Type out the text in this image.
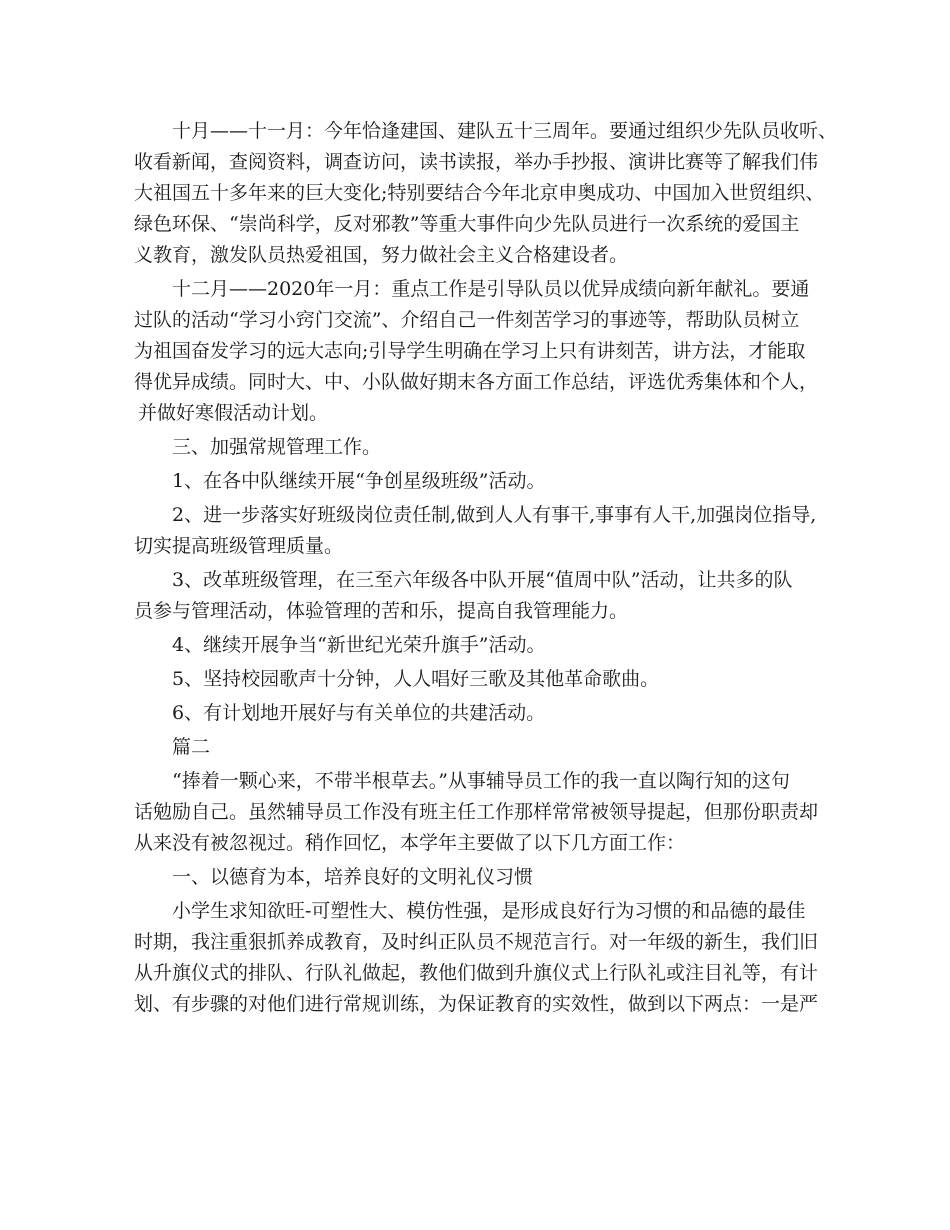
十月——十一月：今年恰逢建国、建队五十三周年。要通过组织少先队员收听、
收看新闻，查阅资料，调查访问，读书读报，举办手抄报、演讲比赛等了解我们伟
大祖国五十多年来的巨大变化;特别要结合今年北京申奥成功、中国加入世贸组织、
绿色环保、“崇尚科学，反对邪教”等重大事件向少先队员进行一次系统的爱国主
义教育，激发队员热爱祖国，努力做社会主义合格建设者。

十二月——2020年一月：重点工作是引导队员以优异成绩向新年献礼。要通
过队的活动“学习小窍门交流”、介绍自己一件刻苦学习的事迹等，帮助队员树立
为祖国奋发学习的远大志向;引导学生明确在学习上只有讲刻苦，讲方法，才能取
得优异成绩。同时大、中、小队做好期末各方面工作总结，评选优秀集体和个人，
并做好寒假活动计划。

三、加强常规管理工作。

1、在各中队继续开展“争创星级班级”活动。

2、进一步落实好班级岗位责任制,做到人人有事干,事事有人干,加强岗位指导,
切实提高班级管理质量。

3、改革班级管理，在三至六年级各中队开展“值周中队”活动，让共多的队
员参与管理活动，体验管理的苦和乐，提高自我管理能力。

4、继续开展争当“新世纪光荣升旗手”活动。

5、坚持校园歌声十分钟，人人唱好三歌及其他革命歌曲。

6、有计划地开展好与有关单位的共建活动。

篇二

“捧着一颗心来，不带半根草去。”从事辅导员工作的我一直以陶行知的这句
话勉励自己。虽然辅导员工作没有班主任工作那样常常被领导提起，但那份职责却
从来没有被忽视过。稍作回忆，本学年主要做了以下几方面工作：

一、以德育为本，培养良好的文明礼仪习惯

小学生求知欲旺-可塑性大、模仿性强，是形成良好行为习惯的和品德的最佳
时期，我注重狠抓养成教育，及时纠正队员不规范言行。对一年级的新生，我们旧
从升旗仪式的排队、行队礼做起，教他们做到升旗仪式上行队礼或注目礼等，有计
划、有步骤的对他们进行常规训练，为保证教育的实效性，做到以下两点：一是严
